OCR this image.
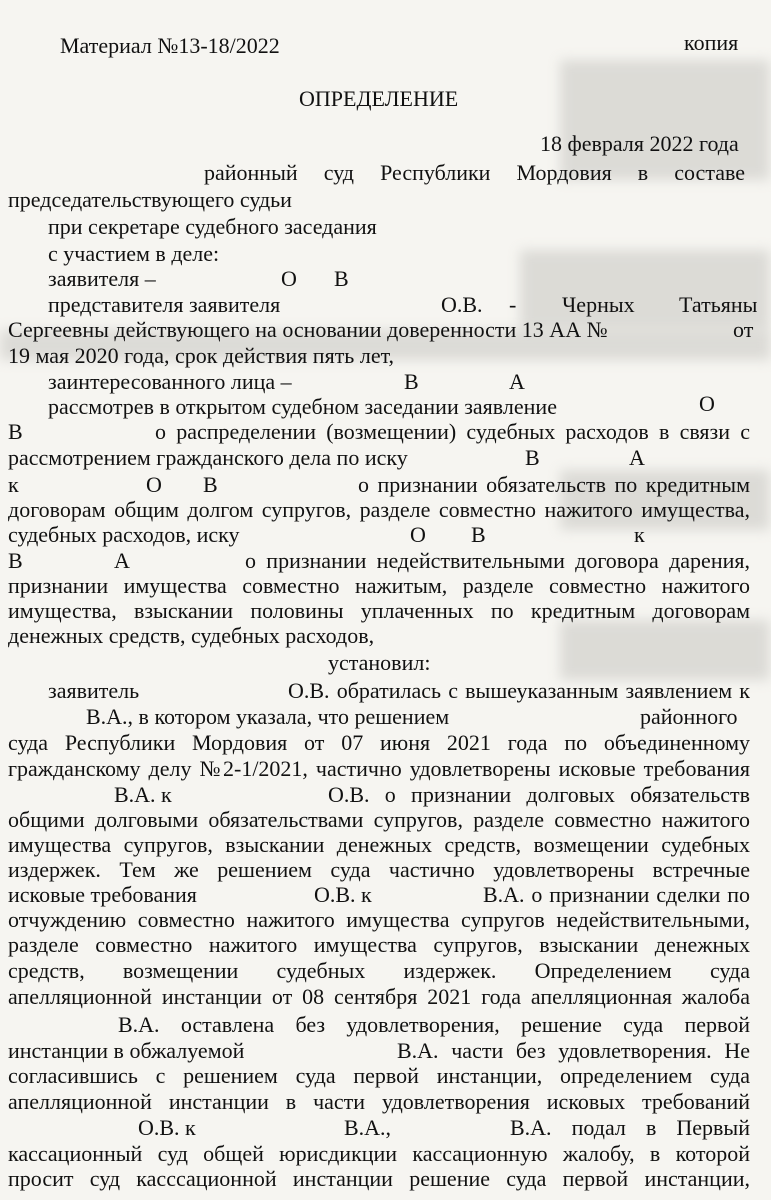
Материал №13-18/2022	копия
ОПРЕДЕЛЕНИЕ
18 февраля 2022 года
районный суд Республики Мордовия в составе
председательствующего судьи
при секретаре судебного заседания
с участием в деле:
заявителя –	О В
представителя заявителя	О.В. - Черных Татьяны
Сергеевны действующего на основании доверенности 13 АА №	от
19 мая 2020 года, срок действия пять лет,
заинтересованного лица –	В	А
рассмотрев в открытом судебном заседании заявление	О
В	о распределении (возмещении) судебных расходов в связи с
рассмотрением гражданского дела по иску	В	А
к	О В	о признании обязательств по кредитным
договорам общим долгом супругов, разделе совместно нажитого имущества,
судебных расходов, иску	О В	к
В	А	о признании недействительными договора дарения,
признании имущества совместно нажитым, разделе совместно нажитого
имущества, взыскании половины уплаченных по кредитным договорам
денежных средств, судебных расходов,
установил:
заявитель	О.В. обратилась с вышеуказанным заявлением к
В.А., в котором указала, что решением	районного
суда Республики Мордовия от 07 июня 2021 года по объединенному
гражданскому делу №2-1/2021, частично удовлетворены исковые требования
В.А. к	О.В. о признании долговых обязательств
общими долговыми обязательствами супругов, разделе совместно нажитого
имущества супругов, взыскании денежных средств, возмещении судебных
издержек. Тем же решением суда частично удовлетворены встречные
исковые требования	О.В. к	В.А. о признании сделки по
отчуждению совместно нажитого имущества супругов недействительными,
разделе совместно нажитого имущества супругов, взыскании денежных
средств, возмещении судебных издержек. Определением суда
апелляционной инстанции от 08 сентября 2021 года апелляционная жалоба
В.А. оставлена без удовлетворения, решение суда первой
инстанции в обжалуемой	В.А. части без удовлетворения. Не
согласившись с решением суда первой инстанции, определением суда
апелляционной инстанции в части удовлетворения исковых требований
О.В. к	В.А.,	В.А. подал в Первый
кассационный суд общей юрисдикции кассационную жалобу, в которой
просит суд касссационной инстанции решение суда первой инстанции,
